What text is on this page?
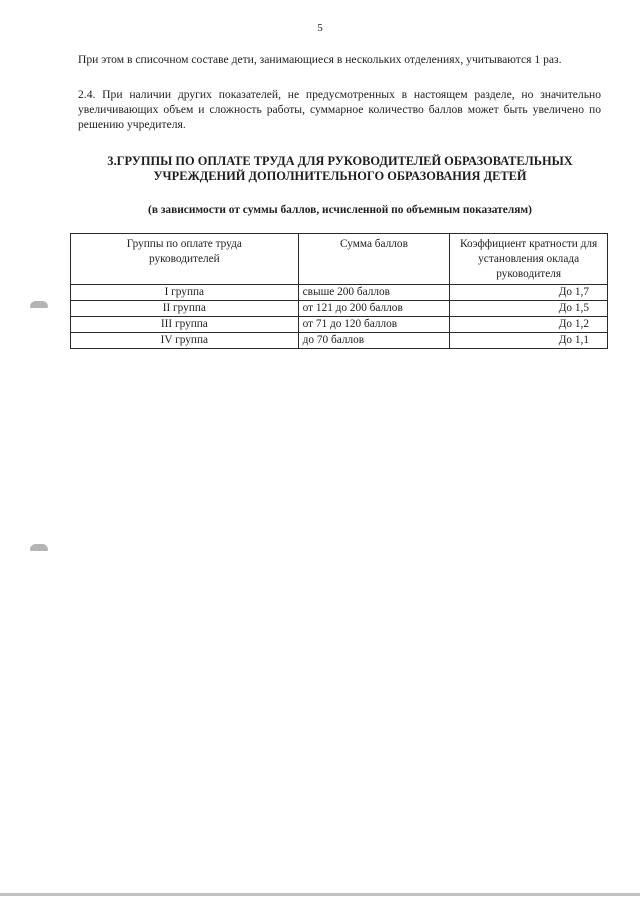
5

При этом в списочном составе дети, занимающиеся в нескольких отделениях, учитываются 1 раз.

2.4. При наличии других показателей, не предусмотренных в настоящем разделе, но значительно увеличивающих объем и сложность работы, суммарное количество баллов может быть увеличено по решению учредителя.

3.ГРУППЫ ПО ОПЛАТЕ ТРУДА ДЛЯ РУКОВОДИТЕЛЕЙ ОБРАЗОВАТЕЛЬНЫХ УЧРЕЖДЕНИЙ ДОПОЛНИТЕЛЬНОГО ОБРАЗОВАНИЯ ДЕТЕЙ

(в зависимости от суммы баллов, исчисленной по объемным показателям)

Группы по оплате труда руководителей	Сумма баллов	Коэффициент кратности для установления оклада руководителя
I группа	свыше 200 баллов	До 1,7
II группа	от 121 до 200 баллов	До 1,5
III группа	от 71 до 120 баллов	До 1,2
IV группа	до 70 баллов	До 1,1
